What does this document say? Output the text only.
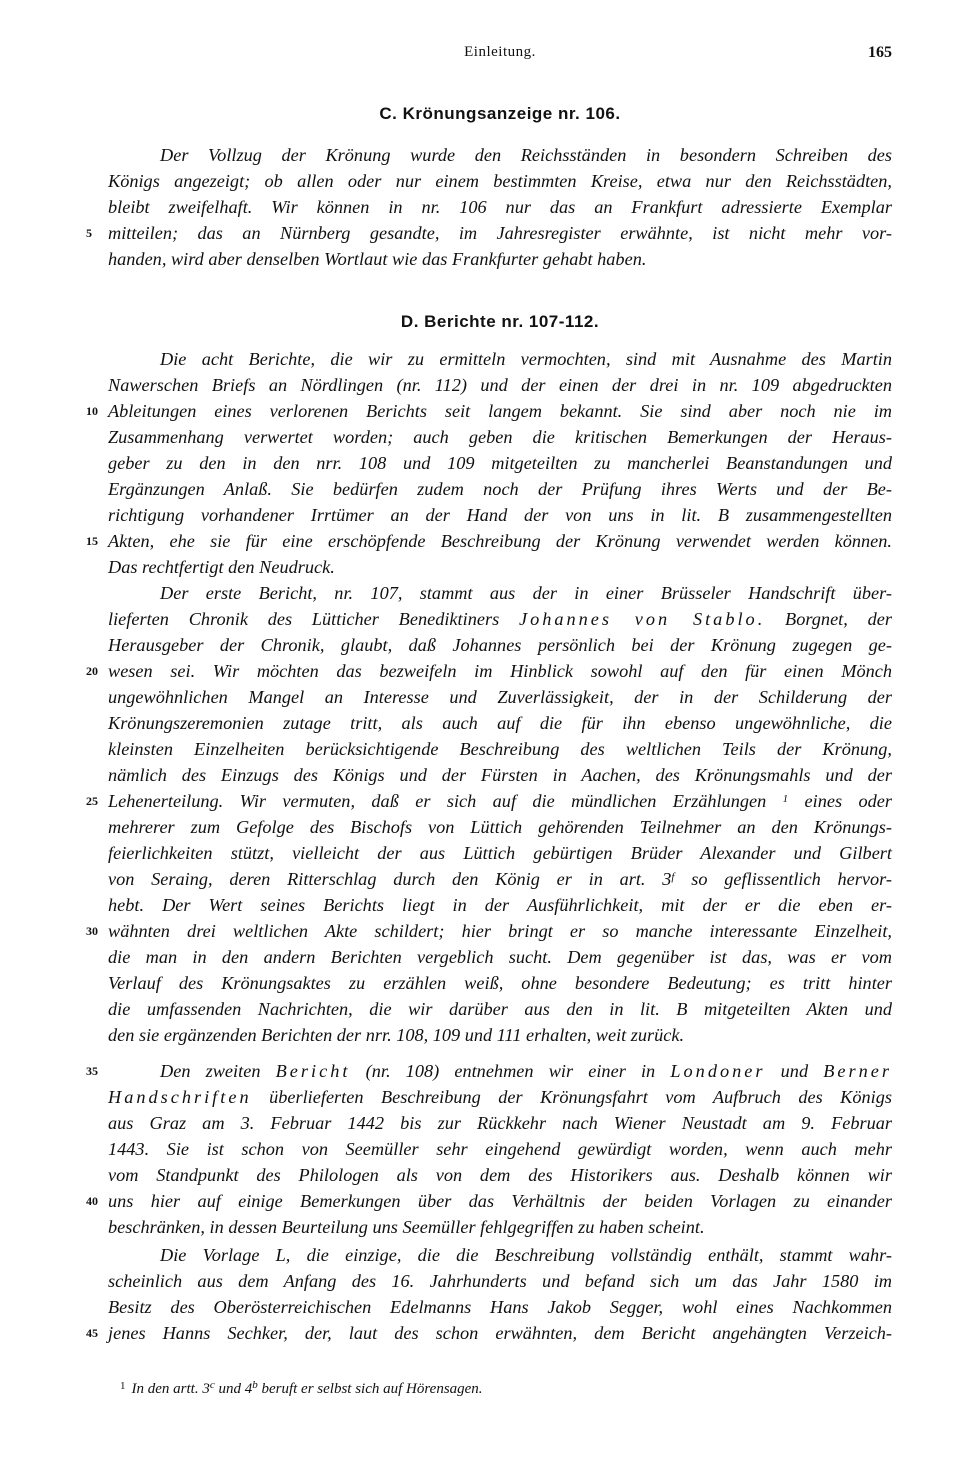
Einleitung.	165
C. Krönungsanzeige nr. 106.
Der Vollzug der Krönung wurde den Reichsständen in besondern Schreiben des
Königs angezeigt; ob allen oder nur einem bestimmten Kreise, etwa nur den Reichsstädten,
bleibt zweifelhaft. Wir können in nr. 106 nur das an Frankfurt adressierte Exemplar
mitteilen; das an Nürnberg gesandte, im Jahresregister erwähnte, ist nicht mehr vor-
handen, wird aber denselben Wortlaut wie das Frankfurter gehabt haben.
D. Berichte nr. 107-112.
Die acht Berichte, die wir zu ermitteln vermochten, sind mit Ausnahme des Martin
Nawerschen Briefs an Nördlingen (nr. 112) und der einen der drei in nr. 109 abgedruckten
Ableitungen eines verlorenen Berichts seit langem bekannt. Sie sind aber noch nie im
Zusammenhang verwertet worden; auch geben die kritischen Bemerkungen der Heraus-
geber zu den in den nrr. 108 und 109 mitgeteilten zu mancherlei Beanstandungen und
Ergänzungen Anlaß. Sie bedürfen zudem noch der Prüfung ihres Werts und der Be-
richtigung vorhandener Irrtümer an der Hand der von uns in lit. B zusammengestellten
Akten, ehe sie für eine erschöpfende Beschreibung der Krönung verwendet werden können.
Das rechtfertigt den Neudruck.
Der erste Bericht, nr. 107, stammt aus der in einer Brüsseler Handschrift über-
lieferten Chronik des Lütticher Benediktiners Johannes von Stablo. Borgnet, der
Herausgeber der Chronik, glaubt, daß Johannes persönlich bei der Krönung zugegen ge-
wesen sei. Wir möchten das bezweifeln im Hinblick sowohl auf den für einen Mönch
ungewöhnlichen Mangel an Interesse und Zuverlässigkeit, der in der Schilderung der
Krönungszeremonien zutage tritt, als auch auf die für ihn ebenso ungewöhnliche, die
kleinsten Einzelheiten berücksichtigende Beschreibung des weltlichen Teils der Krönung,
nämlich des Einzugs des Königs und der Fürsten in Aachen, des Krönungsmahls und der
Lehenerteilung. Wir vermuten, daß er sich auf die mündlichen Erzählungen $^1$ eines oder
mehrerer zum Gefolge des Bischofs von Lüttich gehörenden Teilnehmer an den Krönungs-
feierlichkeiten stützt, vielleicht der aus Lüttich gebürtigen Brüder Alexander und Gilbert
von Seraing, deren Ritterschlag durch den König er in art. 3$^f$ so geflissentlich hervor-
hebt. Der Wert seines Berichts liegt in der Ausführlichkeit, mit der er die eben er-
wähnten drei weltlichen Akte schildert; hier bringt er so manche interessante Einzelheit,
die man in den andern Berichten vergeblich sucht. Dem gegenüber ist das, was er vom
Verlauf des Krönungsaktes zu erzählen weiß, ohne besondere Bedeutung; es tritt hinter
die umfassenden Nachrichten, die wir darüber aus den in lit. B mitgeteilten Akten und
den sie ergänzenden Berichten der nrr. 108, 109 und 111 erhalten, weit zurück.
Den zweiten Bericht (nr. 108) entnehmen wir einer in Londoner und Berner
Handschriften überlieferten Beschreibung der Krönungsfahrt vom Aufbruch des Königs
aus Graz am 3. Februar 1442 bis zur Rückkehr nach Wiener Neustadt am 9. Februar
1443. Sie ist schon von Seemüller sehr eingehend gewürdigt worden, wenn auch mehr
vom Standpunkt des Philologen als von dem des Historikers aus. Deshalb können wir
uns hier auf einige Bemerkungen über das Verhältnis der beiden Vorlagen zu einander
beschränken, in dessen Beurteilung uns Seemüller fehlgegriffen zu haben scheint.
Die Vorlage L, die einzige, die die Beschreibung vollständig enthält, stammt wahr-
scheinlich aus dem Anfang des 16. Jahrhunderts und befand sich um das Jahr 1580 im
Besitz des Oberösterreichischen Edelmanns Hans Jakob Segger, wohl eines Nachkommen
jenes Hanns Sechker, der, laut des schon erwähnten, dem Bericht angehängten Verzeich-
5
10
15
20
25
30
35
40
45
$^1$ In den artt. 3$^c$ und 4$^b$ beruft er selbst sich auf Hörensagen.
